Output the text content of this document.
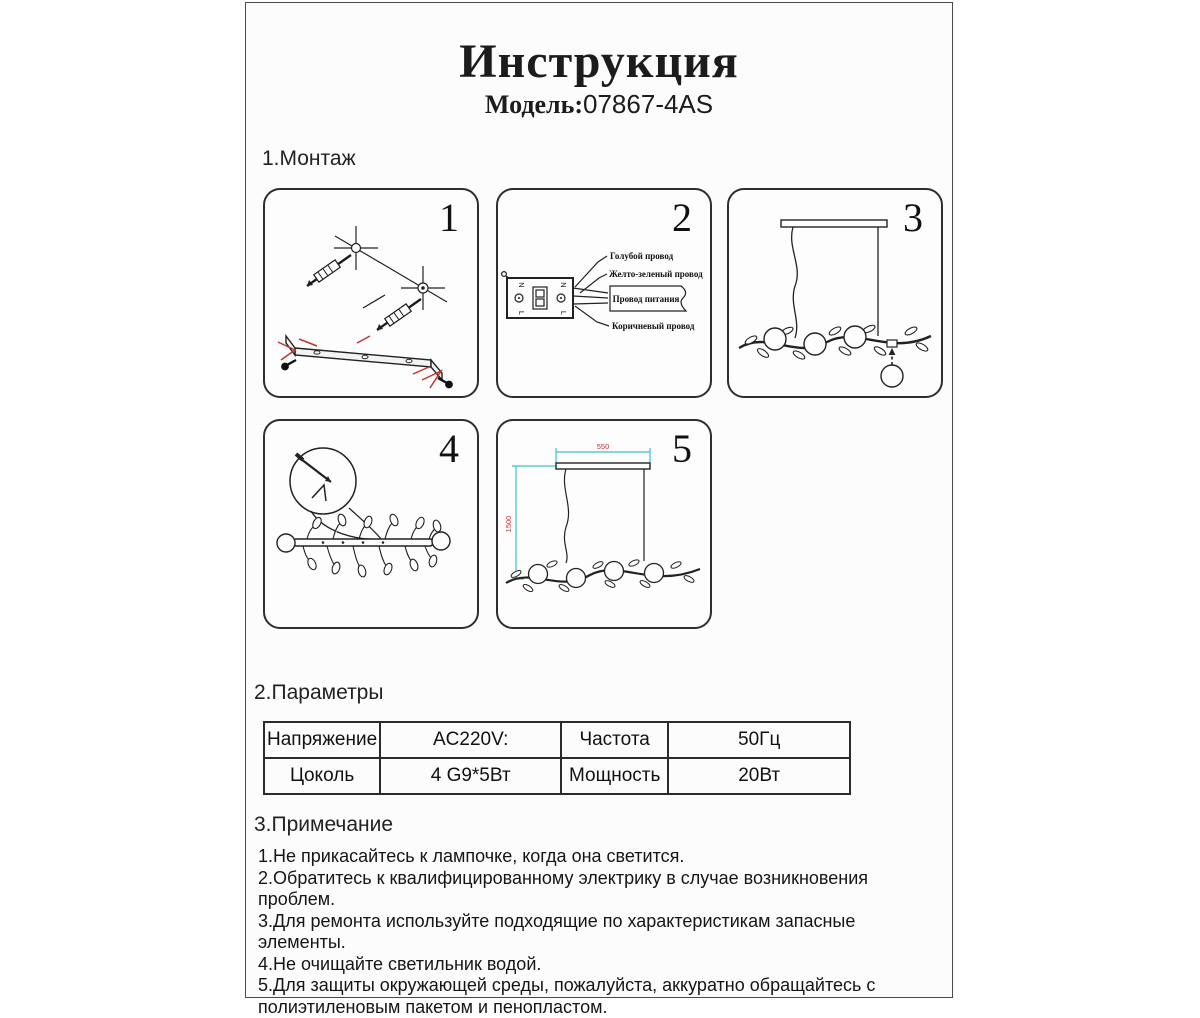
Инструкция
Модель:07867-4AS
1.Монтаж
1
N
L
N
L
Голубой провод
Желто-зеленый провод
Провод питания
Коричневый провод
2	3
4	550
1500
5
2.Параметры
Напряжение	AC220V:	Частота	50Гц
Цоколь	4 G9*5Вт	Мощность	20Вт
3.Примечание

1.Не прикасайтесь к лампочке, когда она светится.

2.Обратитесь к квалифицированному электрику в случае возникновения проблем.

3.Для ремонта используйте подходящие по характеристикам запасные элементы.

4.Не очищайте светильник водой.

5.Для защиты окружающей среды, пожалуйста, аккуратно обращайтесь с полиэтиленовым пакетом и пенопластом.
